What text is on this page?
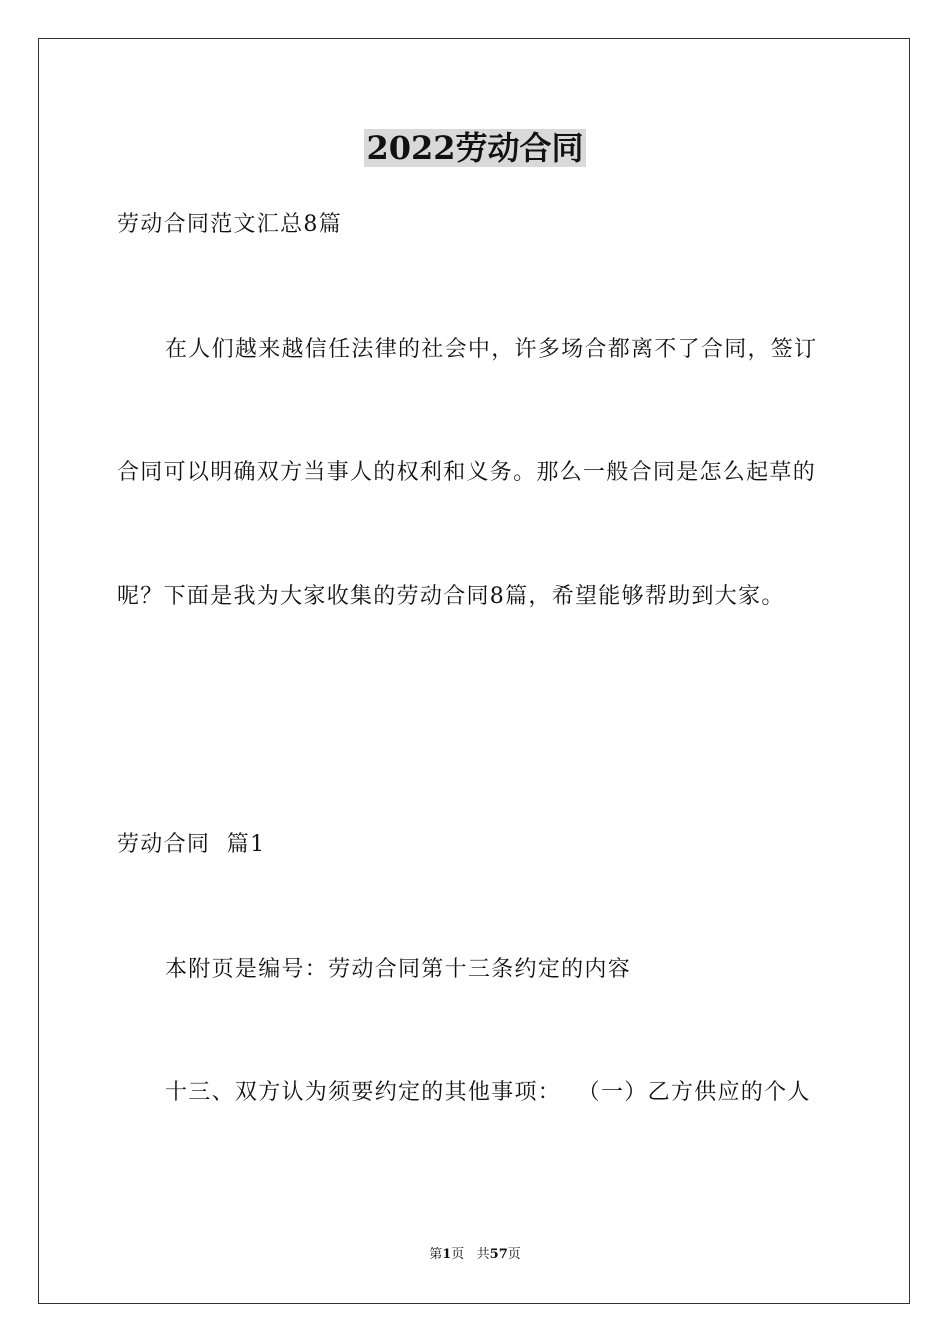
2022劳动合同
劳动合同范文汇总8篇
在人们越来越信任法律的社会中，许多场合都离不了合同，签订
合同可以明确双方当事人的权利和义务。那么一般合同是怎么起草的
呢？下面是我为大家收集的劳动合同8篇，希望能够帮助到大家。
劳动合同  篇1
本附页是编号：劳动合同第十三条约定的内容
十三、双方认为须要约定的其他事项：  （一）乙方供应的个人
第1页   共57页
